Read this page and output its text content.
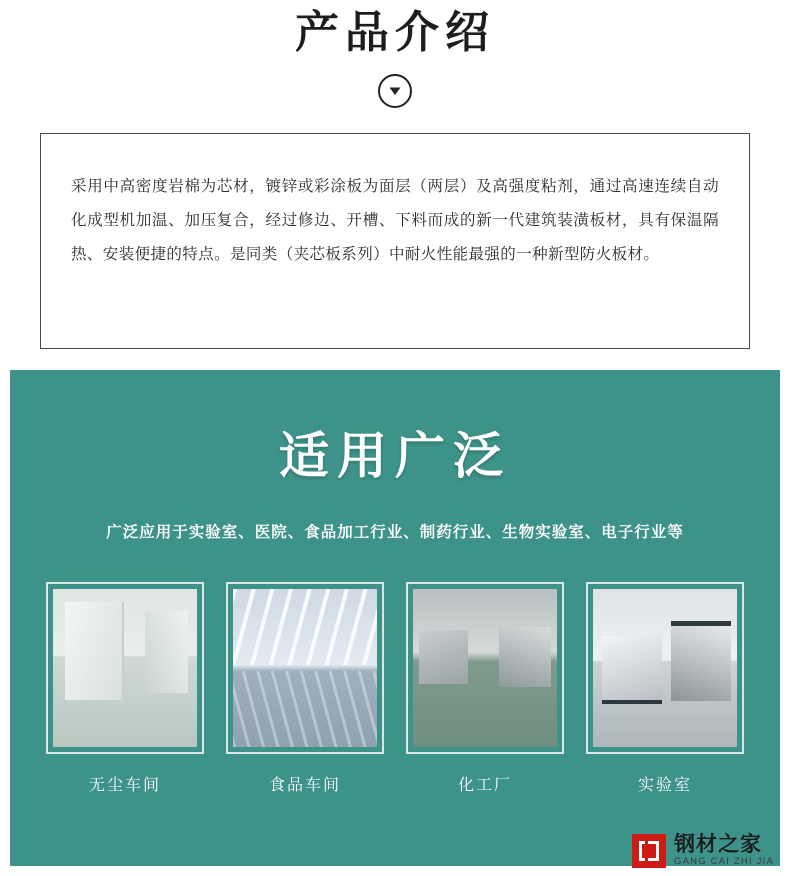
产品介绍
采用中高密度岩棉为芯材，镀锌或彩涂板为面层（两层）及高强度粘剂，通过高速连续自动化成型机加温、加压复合，经过修边、开槽、下料而成的新一代建筑装潢板材，具有保温隔热、安装便捷的特点。是同类（夹芯板系列）中耐火性能最强的一种新型防火板材。
适用广泛
广泛应用于实验室、医院、食品加工行业、制药行业、生物实验室、电子行业等
无尘车间	食品车间	化工厂	实验室
钢材之家
GANG CAI ZHI JIA
